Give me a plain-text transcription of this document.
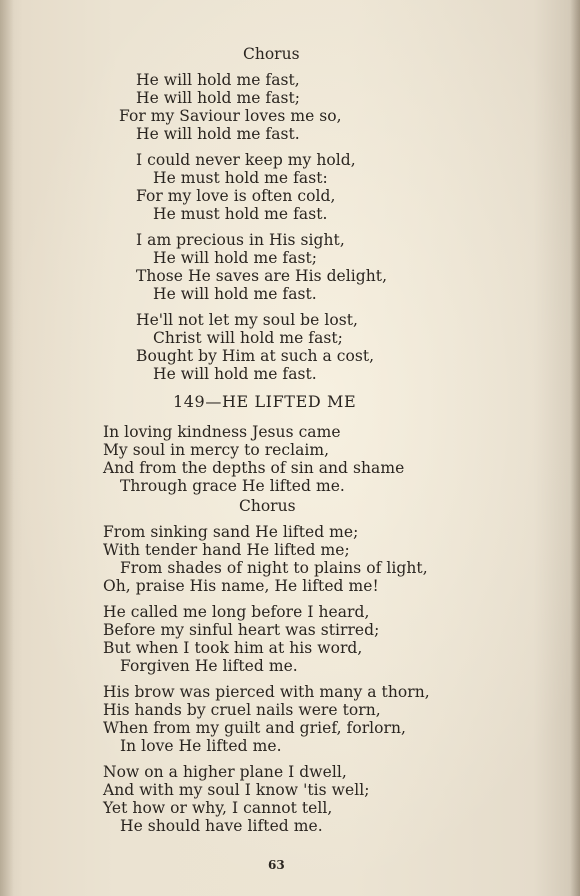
Chorus
He will hold me fast,
He will hold me fast;
For my Saviour loves me so,
He will hold me fast.
I could never keep my hold,
He must hold me fast:
For my love is often cold,
He must hold me fast.
I am precious in His sight,
He will hold me fast;
Those He saves are His delight,
He will hold me fast.
He'll not let my soul be lost,
Christ will hold me fast;
Bought by Him at such a cost,
He will hold me fast.
149—HE LIFTED ME
In loving kindness Jesus came
My soul in mercy to reclaim,
And from the depths of sin and shame
Through grace He lifted me.
Chorus
From sinking sand He lifted me;
With tender hand He lifted me;
From shades of night to plains of light,
Oh, praise His name, He lifted me!
He called me long before I heard,
Before my sinful heart was stirred;
But when I took him at his word,
Forgiven He lifted me.
His brow was pierced with many a thorn,
His hands by cruel nails were torn,
When from my guilt and grief, forlorn,
In love He lifted me.
Now on a higher plane I dwell,
And with my soul I know 'tis well;
Yet how or why, I cannot tell,
He should have lifted me.
63
